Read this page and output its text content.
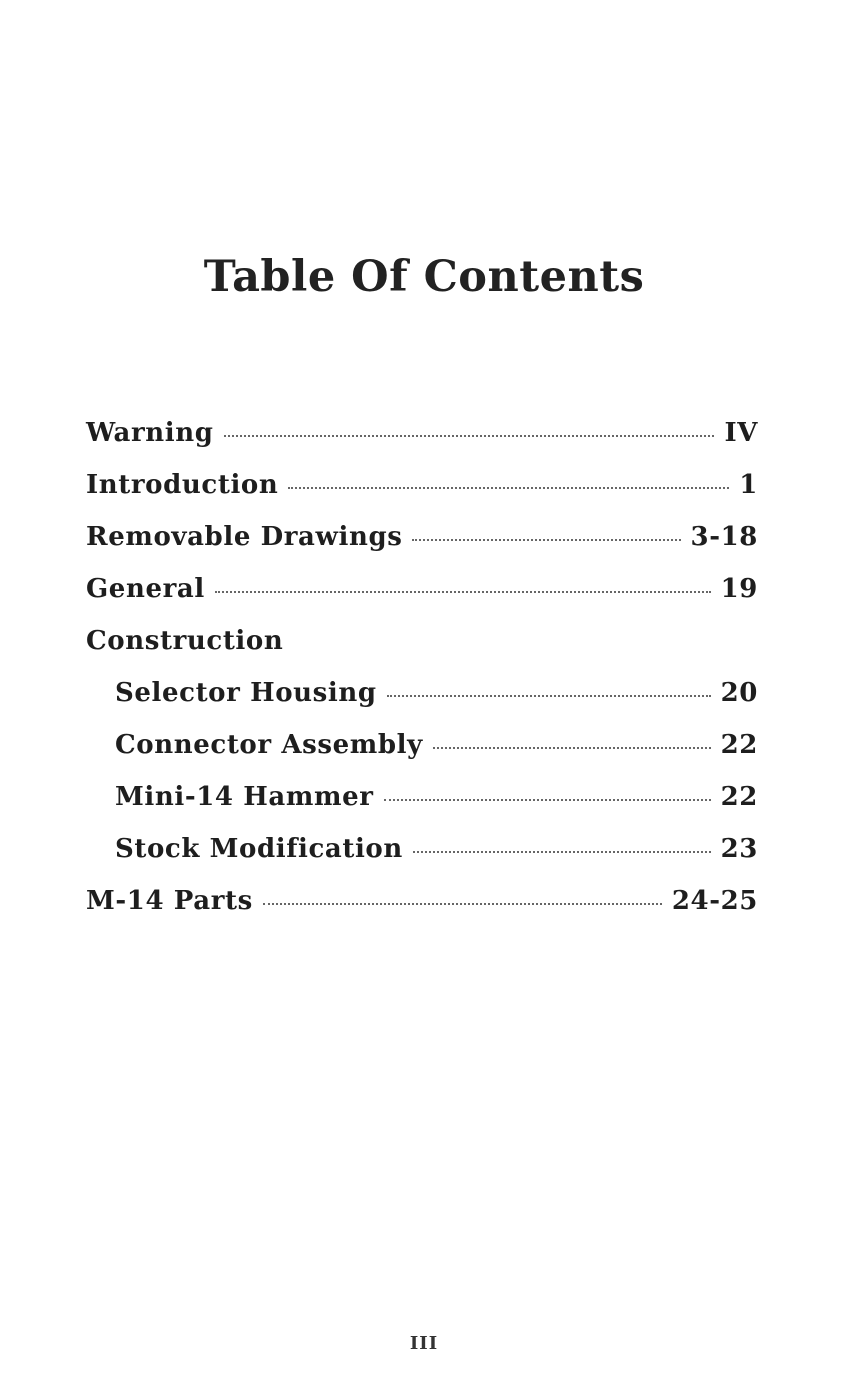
Table Of Contents
Warning	IV
Introduction	1
Removable Drawings	3-18
General	19
Construction
Selector Housing	20
Connector Assembly	22
Mini-14 Hammer	22
Stock Modification	23
M-14 Parts	24-25
III
